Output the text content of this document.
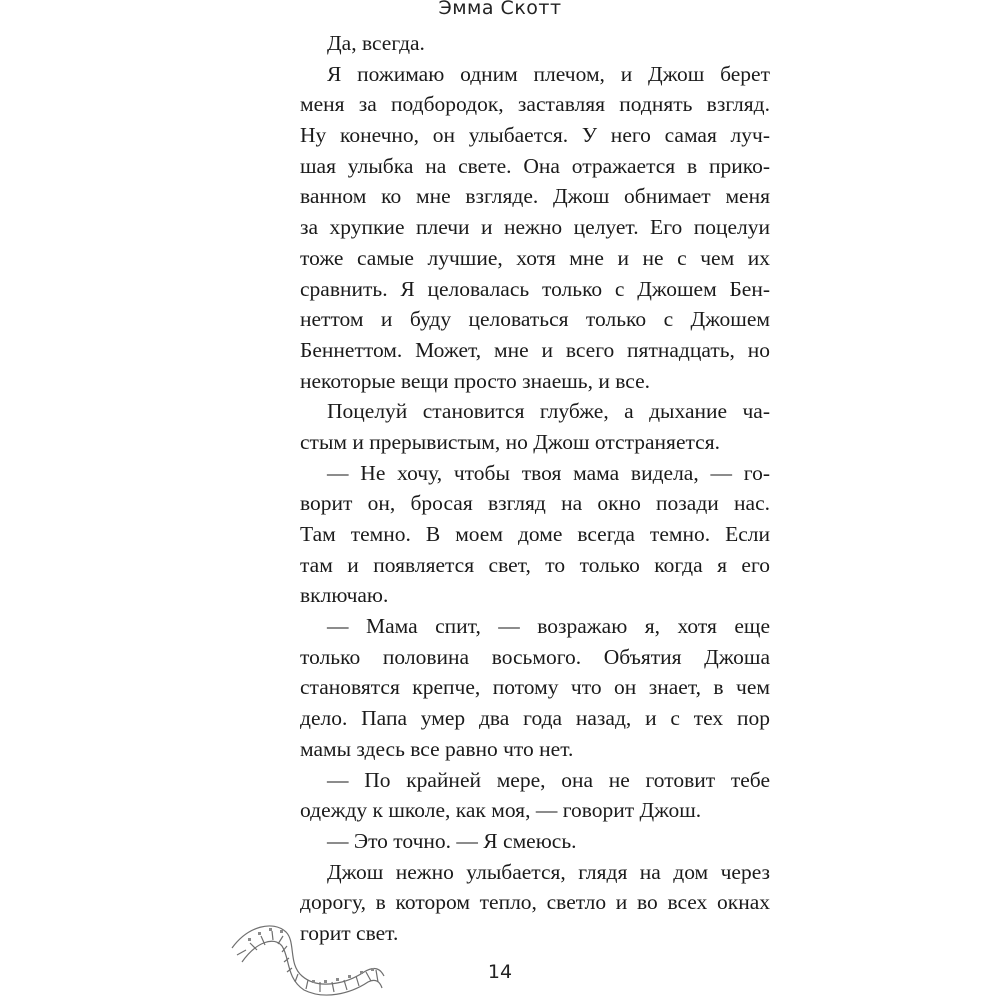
Эмма Скотт
Да, всегда.
Я пожимаю одним плечом, и Джош берет
меня за подбородок, заставляя поднять взгляд.
Ну конечно, он улыбается. У него самая луч-
шая улыбка на свете. Она отражается в прико-
ванном ко мне взгляде. Джош обнимает меня
за хрупкие плечи и нежно целует. Его поцелуи
тоже самые лучшие, хотя мне и не с чем их
сравнить. Я целовалась только с Джошем Бен-
неттом и буду целоваться только с Джошем
Беннеттом. Может, мне и всего пятнадцать, но
некоторые вещи просто знаешь, и все.
Поцелуй становится глубже, а дыхание ча-
стым и прерывистым, но Джош отстраняется.
— Не хочу, чтобы твоя мама видела, — го-
ворит он, бросая взгляд на окно позади нас.
Там темно. В моем доме всегда темно. Если
там и появляется свет, то только когда я его
включаю.
— Мама спит, — возражаю я, хотя еще
только половина восьмого. Объятия Джоша
становятся крепче, потому что он знает, в чем
дело. Папа умер два года назад, и с тех пор
мамы здесь все равно что нет.
— По крайней мере, она не готовит тебе
одежду к школе, как моя, — говорит Джош.
— Это точно. — Я смеюсь.
Джош нежно улыбается, глядя на дом через
дорогу, в котором тепло, светло и во всех окнах
горит свет.
14
